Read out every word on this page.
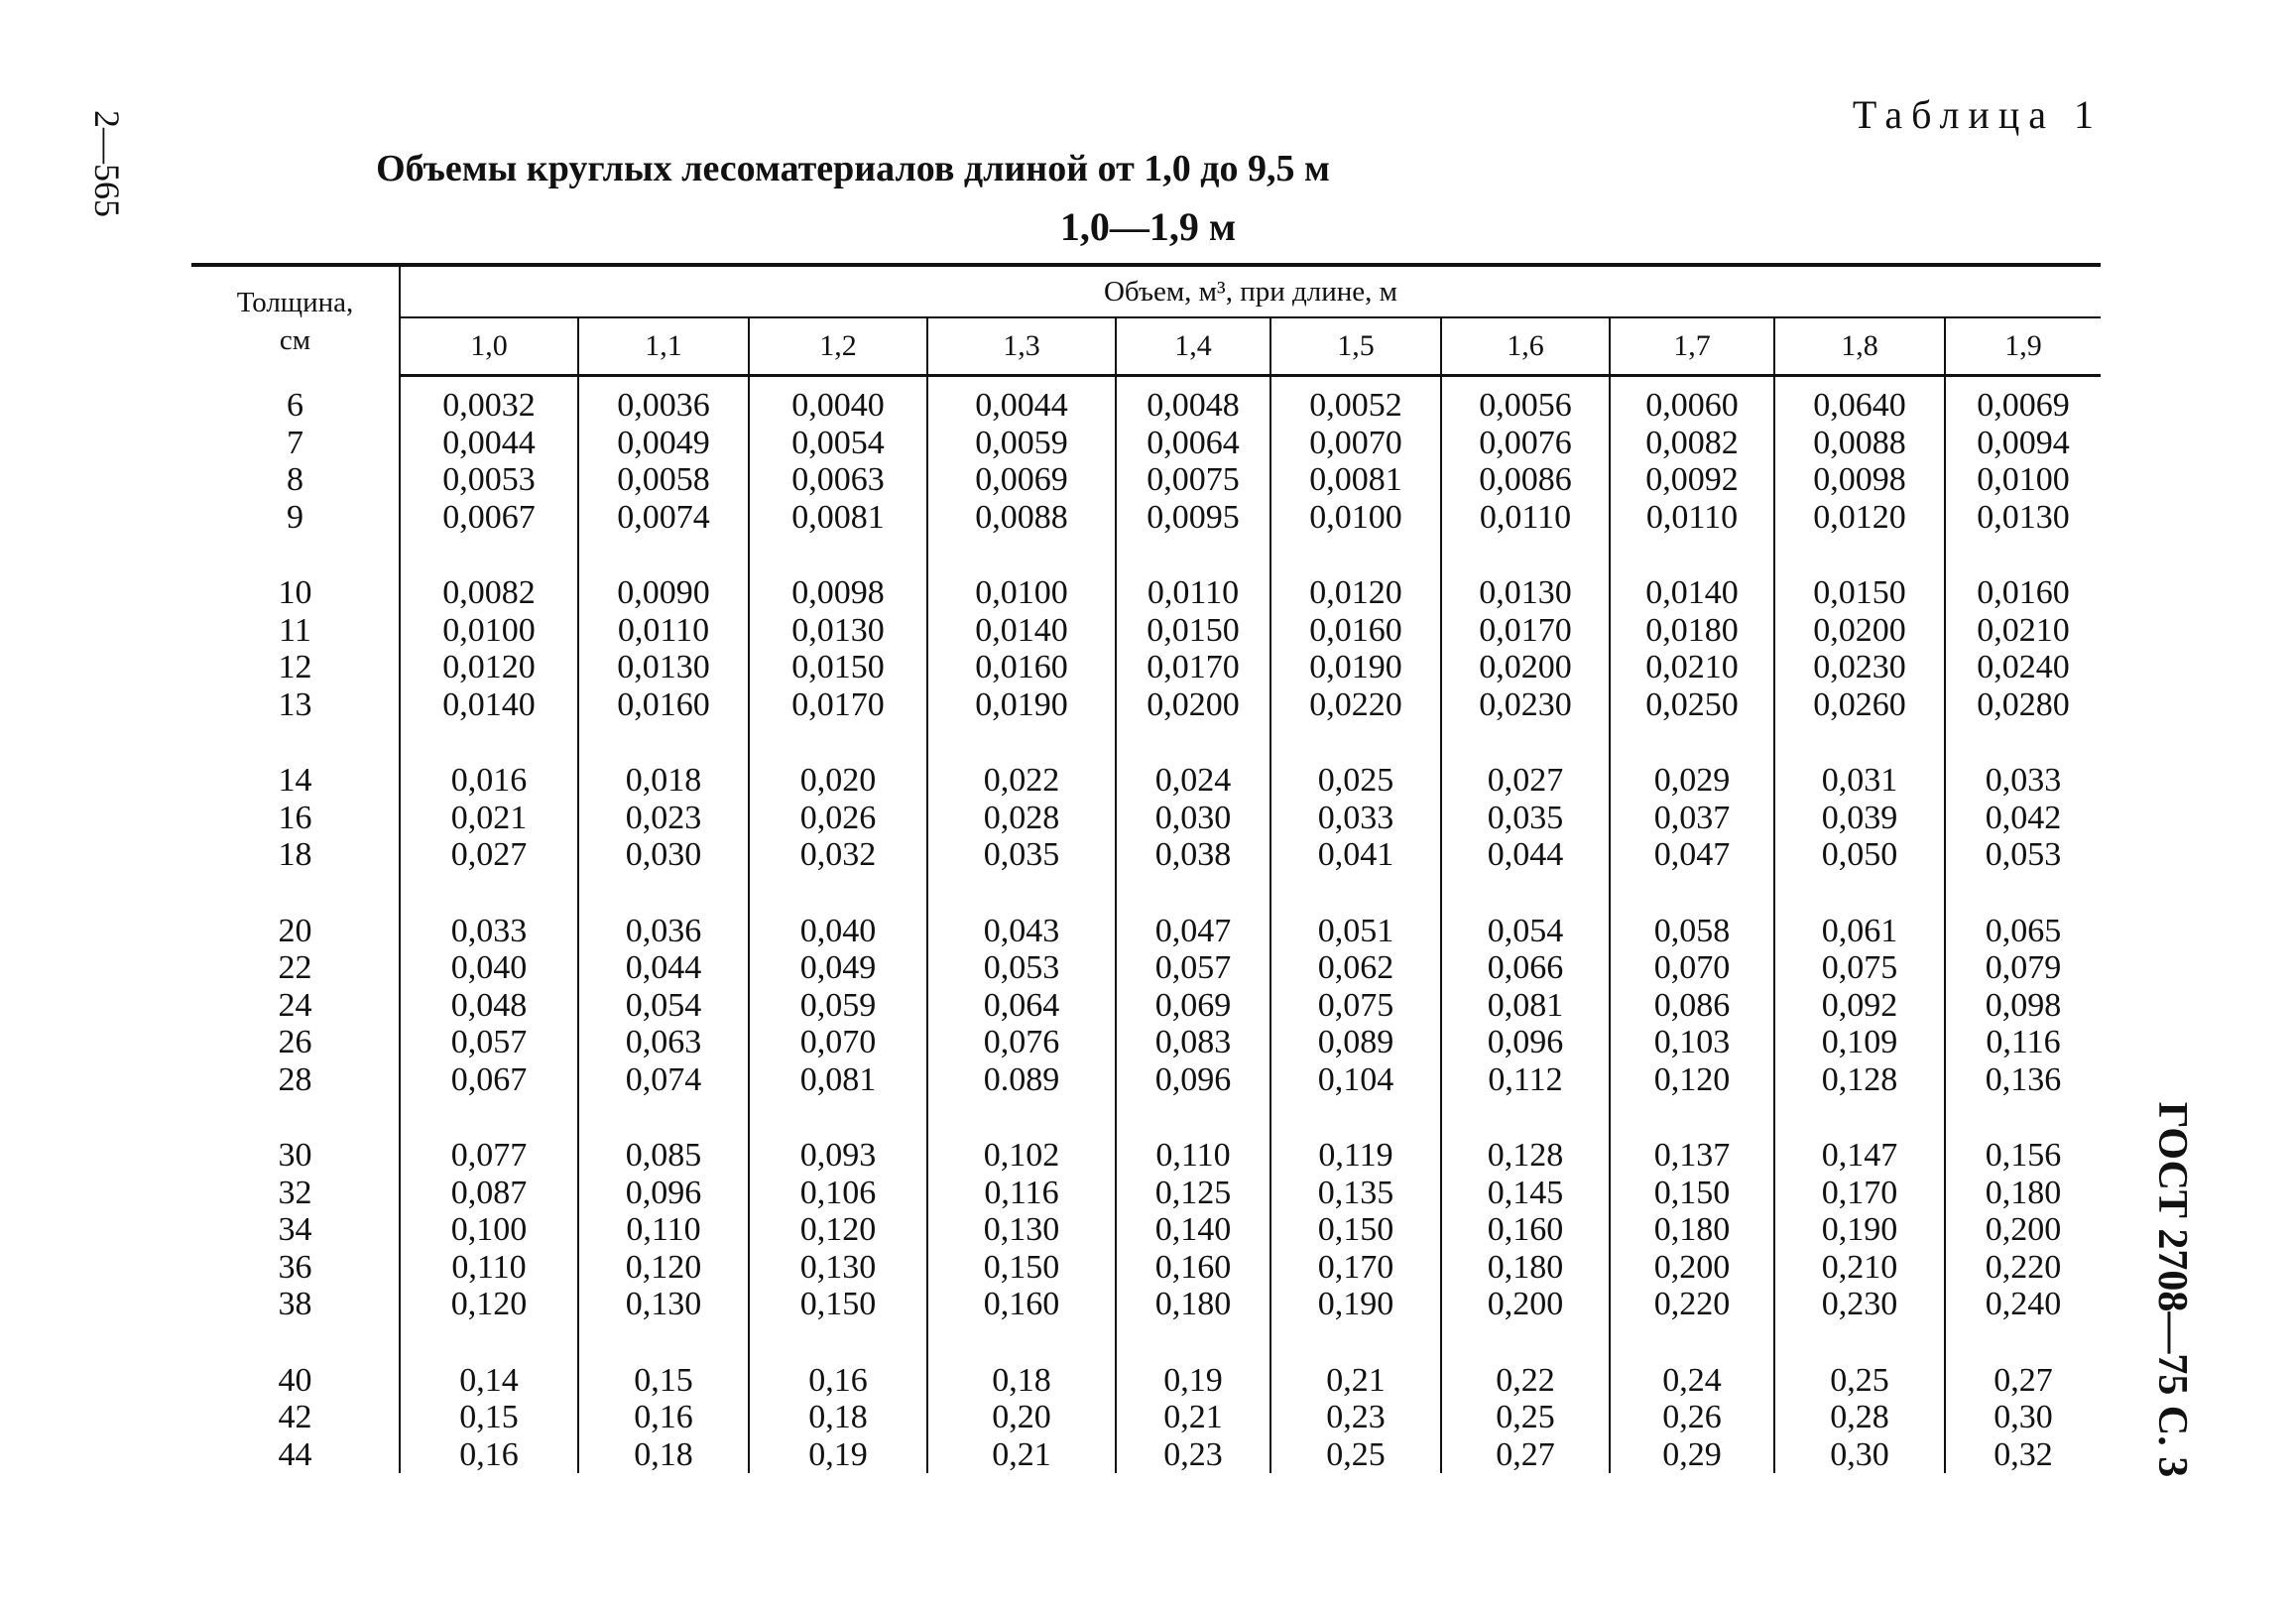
2—565
ГОСТ 2708—75 С. 3
Таблица 1
Объемы круглых лесоматериалов длиной от 1,0 до 9,5 м
1,0—1,9 м
Толщина,
см	Объем, м³, при длине, м									
	1,0	1,1	1,2	1,3	1,4	1,5	1,6	1,7	1,8	1,9
6	0,0032	0,0036	0,0040	0,0044	0,0048	0,0052	0,0056	0,0060	0,0640	0,0069
7	0,0044	0,0049	0,0054	0,0059	0,0064	0,0070	0,0076	0,0082	0,0088	0,0094
8	0,0053	0,0058	0,0063	0,0069	0,0075	0,0081	0,0086	0,0092	0,0098	0,0100
9	0,0067	0,0074	0,0081	0,0088	0,0095	0,0100	0,0110	0,0110	0,0120	0,0130

10	0,0082	0,0090	0,0098	0,0100	0,0110	0,0120	0,0130	0,0140	0,0150	0,0160
11	0,0100	0,0110	0,0130	0,0140	0,0150	0,0160	0,0170	0,0180	0,0200	0,0210
12	0,0120	0,0130	0,0150	0,0160	0,0170	0,0190	0,0200	0,0210	0,0230	0,0240
13	0,0140	0,0160	0,0170	0,0190	0,0200	0,0220	0,0230	0,0250	0,0260	0,0280

14	0,016	0,018	0,020	0,022	0,024	0,025	0,027	0,029	0,031	0,033
16	0,021	0,023	0,026	0,028	0,030	0,033	0,035	0,037	0,039	0,042
18	0,027	0,030	0,032	0,035	0,038	0,041	0,044	0,047	0,050	0,053

20	0,033	0,036	0,040	0,043	0,047	0,051	0,054	0,058	0,061	0,065
22	0,040	0,044	0,049	0,053	0,057	0,062	0,066	0,070	0,075	0,079
24	0,048	0,054	0,059	0,064	0,069	0,075	0,081	0,086	0,092	0,098
26	0,057	0,063	0,070	0,076	0,083	0,089	0,096	0,103	0,109	0,116
28	0,067	0,074	0,081	0.089	0,096	0,104	0,112	0,120	0,128	0,136

30	0,077	0,085	0,093	0,102	0,110	0,119	0,128	0,137	0,147	0,156
32	0,087	0,096	0,106	0,116	0,125	0,135	0,145	0,150	0,170	0,180
34	0,100	0,110	0,120	0,130	0,140	0,150	0,160	0,180	0,190	0,200
36	0,110	0,120	0,130	0,150	0,160	0,170	0,180	0,200	0,210	0,220
38	0,120	0,130	0,150	0,160	0,180	0,190	0,200	0,220	0,230	0,240

40	0,14	0,15	0,16	0,18	0,19	0,21	0,22	0,24	0,25	0,27
42	0,15	0,16	0,18	0,20	0,21	0,23	0,25	0,26	0,28	0,30
44	0,16	0,18	0,19	0,21	0,23	0,25	0,27	0,29	0,30	0,32
